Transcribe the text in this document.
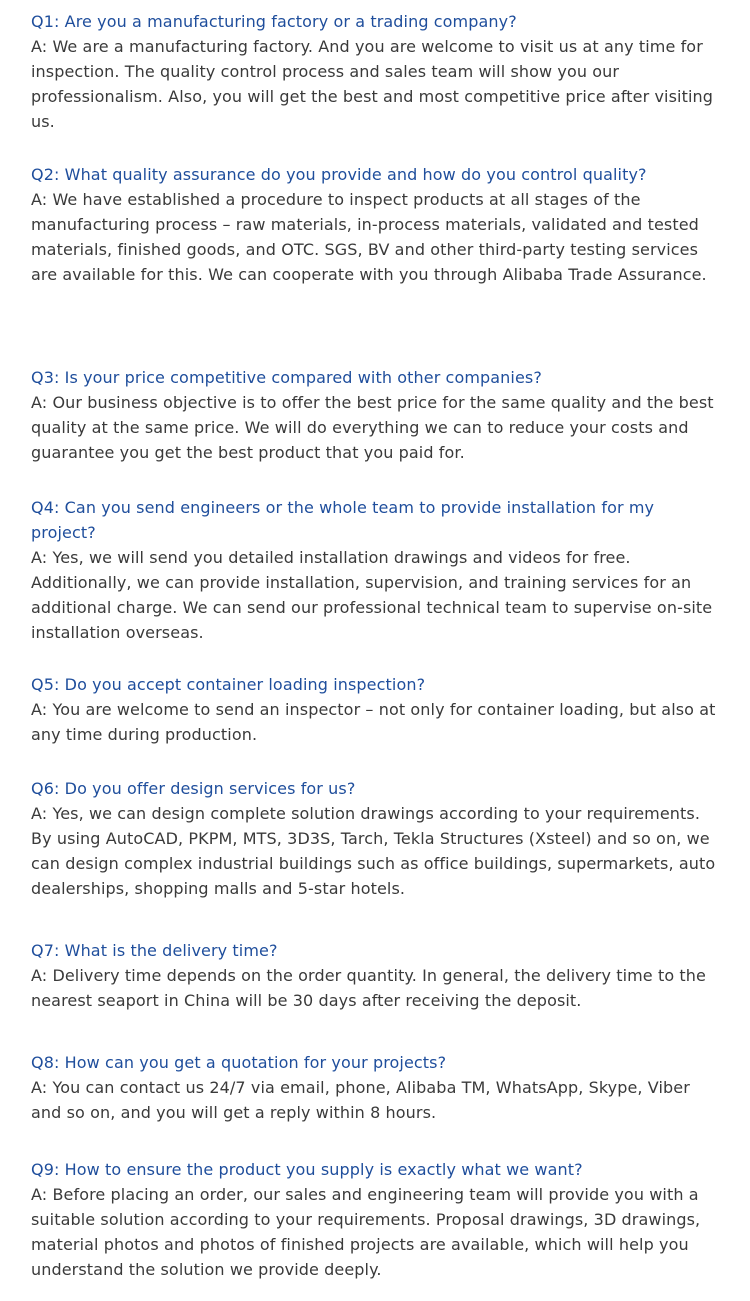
Q1: Are you a manufacturing factory or a trading company?

A: We are a manufacturing factory. And you are welcome to visit us at any time for inspection. The quality control process and sales team will show you our professionalism. Also, you will get the best and most competitive price after visiting us.

Q2: What quality assurance do you provide and how do you control quality?

A: We have established a procedure to inspect products at all stages of the manufacturing process – raw materials, in-process materials, validated and tested materials, finished goods, and OTC. SGS, BV and other third-party testing services are available for this. We can cooperate with you through Alibaba Trade Assurance.

Q3: Is your price competitive compared with other companies?

A: Our business objective is to offer the best price for the same quality and the best quality at the same price. We will do everything we can to reduce your costs and guarantee you get the best product that you paid for.

Q4: Can you send engineers or the whole team to provide installation for my project?

A: Yes, we will send you detailed installation drawings and videos for free. Additionally, we can provide installation, supervision, and training services for an additional charge. We can send our professional technical team to supervise on-site installation overseas.

Q5: Do you accept container loading inspection?

A: You are welcome to send an inspector – not only for container loading, but also at any time during production.

Q6: Do you offer design services for us?

A: Yes, we can design complete solution drawings according to your requirements. By using AutoCAD, PKPM, MTS, 3D3S, Tarch, Tekla Structures (Xsteel) and so on, we can design complex industrial buildings such as office buildings, supermarkets, auto dealerships, shopping malls and 5-star hotels.

Q7: What is the delivery time?

A: Delivery time depends on the order quantity. In general, the delivery time to the nearest seaport in China will be 30 days after receiving the deposit.

Q8: How can you get a quotation for your projects?

A: You can contact us 24/7 via email, phone, Alibaba TM, WhatsApp, Skype, Viber and so on, and you will get a reply within 8 hours.

Q9: How to ensure the product you supply is exactly what we want?

A: Before placing an order, our sales and engineering team will provide you with a suitable solution according to your requirements. Proposal drawings, 3D drawings, material photos and photos of finished projects are available, which will help you understand the solution we provide deeply.
